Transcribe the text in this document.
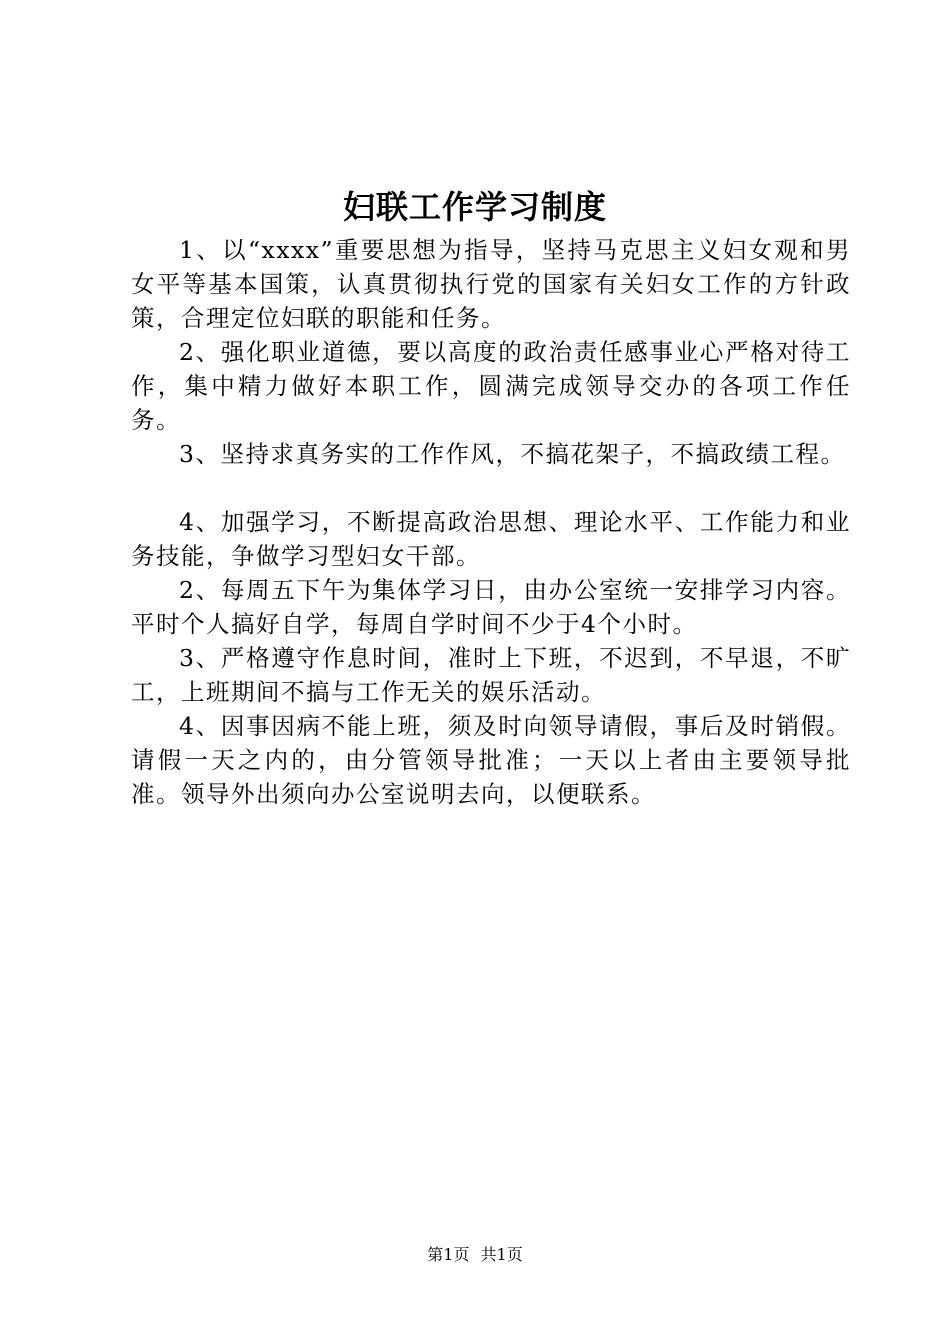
妇联工作学习制度

1、以“xxxx”重要思想为指导，坚持马克思主义妇女观和男女平等基本国策，认真贯彻执行党的国家有关妇女工作的方针政策，合理定位妇联的职能和任务。

2、强化职业道德，要以高度的政治责任感事业心严格对待工作，集中精力做好本职工作，圆满完成领导交办的各项工作任务。

3、坚持求真务实的工作作风，不搞花架子，不搞政绩工程。

4、加强学习，不断提高政治思想、理论水平、工作能力和业务技能，争做学习型妇女干部。

2、每周五下午为集体学习日，由办公室统一安排学习内容。平时个人搞好自学，每周自学时间不少于4个小时。

3、严格遵守作息时间，准时上下班，不迟到，不早退，不旷工，上班期间不搞与工作无关的娱乐活动。

4、因事因病不能上班，须及时向领导请假，事后及时销假。请假一天之内的，由分管领导批准；一天以上者由主要领导批准。领导外出须向办公室说明去向，以便联系。

第1页 共1页
